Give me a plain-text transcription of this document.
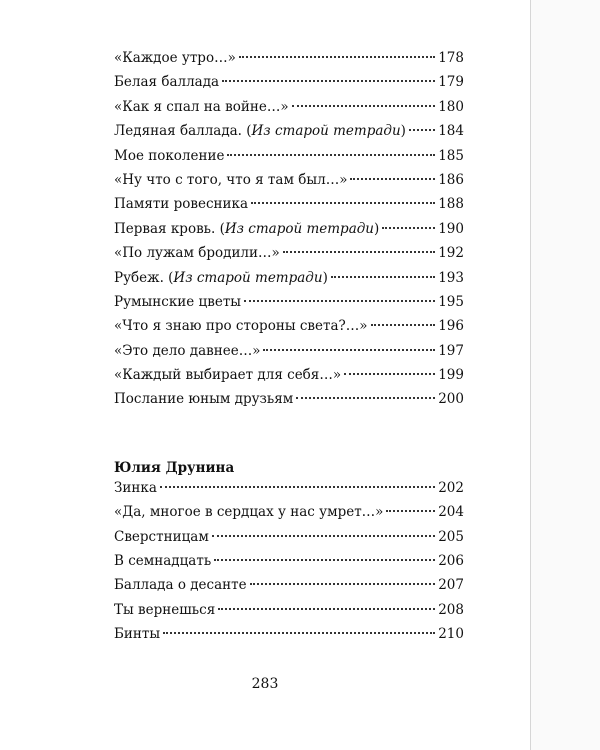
«Каждое утро…»	178
Белая баллада	179
«Как я спал на войне…»	180
Ледяная баллада. (Из старой тетради) 184
Мое поколение	185
«Ну что с того, что я там был…»	186
Памяти ровесника	188
Первая кровь. (Из старой тетради)	190
«По лужам бродили…»	192
Рубеж. (Из старой тетради)	193
Румынские цветы	195
«Что я знаю про стороны света?…»	196
«Это дело давнее…»	197
«Каждый выбирает для себя…»	199
Послание юным друзьям	200
Юлия Друнина
Зинка	202
«Да, многое в сердцах у нас умрет…»	204
Сверстницам	205
В семнадцать	206
Баллада о десанте	207
Ты вернешься	208
Бинты	210
283
